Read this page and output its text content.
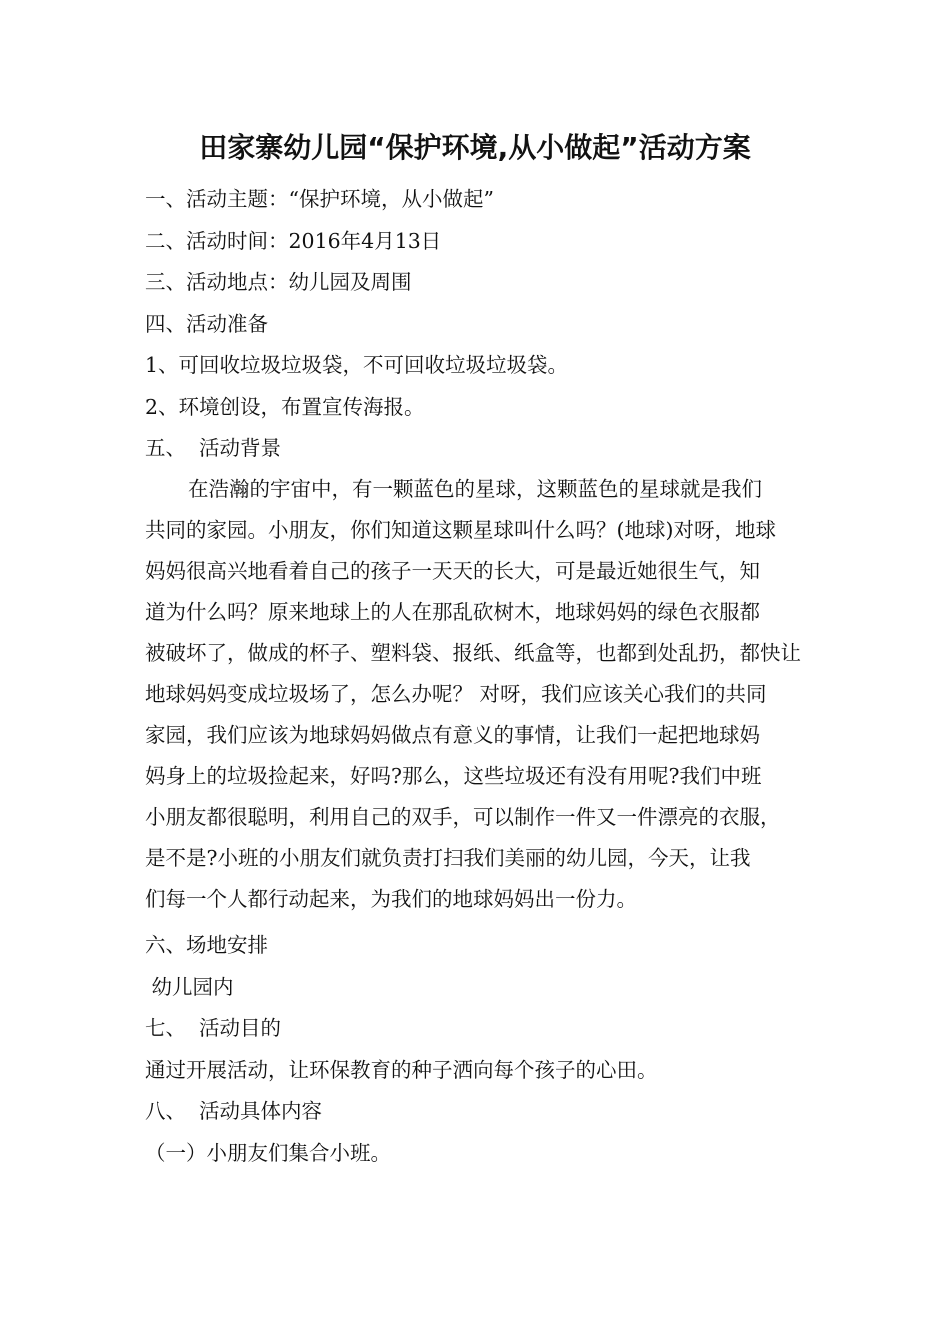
田家寨幼儿园“保护环境,从小做起”活动方案
一、活动主题：“保护环境，从小做起”
二、活动时间：2016年4月13日
三、活动地点：幼儿园及周围
四、活动准备
1、可回收垃圾垃圾袋，不可回收垃圾垃圾袋。
2、环境创设，布置宣传海报。
五、  活动背景
在浩瀚的宇宙中，有一颗蓝色的星球，这颗蓝色的星球就是我们
共同的家园。小朋友，你们知道这颗星球叫什么吗？(地球)对呀，地球
妈妈很高兴地看着自己的孩子一天天的长大，可是最近她很生气，知
道为什么吗？原来地球上的人在那乱砍树木，地球妈妈的绿色衣服都
被破坏了，做成的杯子、塑料袋、报纸、纸盒等，也都到处乱扔，都快让
地球妈妈变成垃圾场了，怎么办呢？ 对呀，我们应该关心我们的共同
家园，我们应该为地球妈妈做点有意义的事情，让我们一起把地球妈
妈身上的垃圾捡起来，好吗?那么，这些垃圾还有没有用呢?我们中班
小朋友都很聪明，利用自己的双手，可以制作一件又一件漂亮的衣服，
是不是?小班的小朋友们就负责打扫我们美丽的幼儿园，今天，让我
们每一个人都行动起来，为我们的地球妈妈出一份力。
六、场地安排
幼儿园内
七、  活动目的
通过开展活动，让环保教育的种子洒向每个孩子的心田。
八、  活动具体内容
（一）小朋友们集合小班。
